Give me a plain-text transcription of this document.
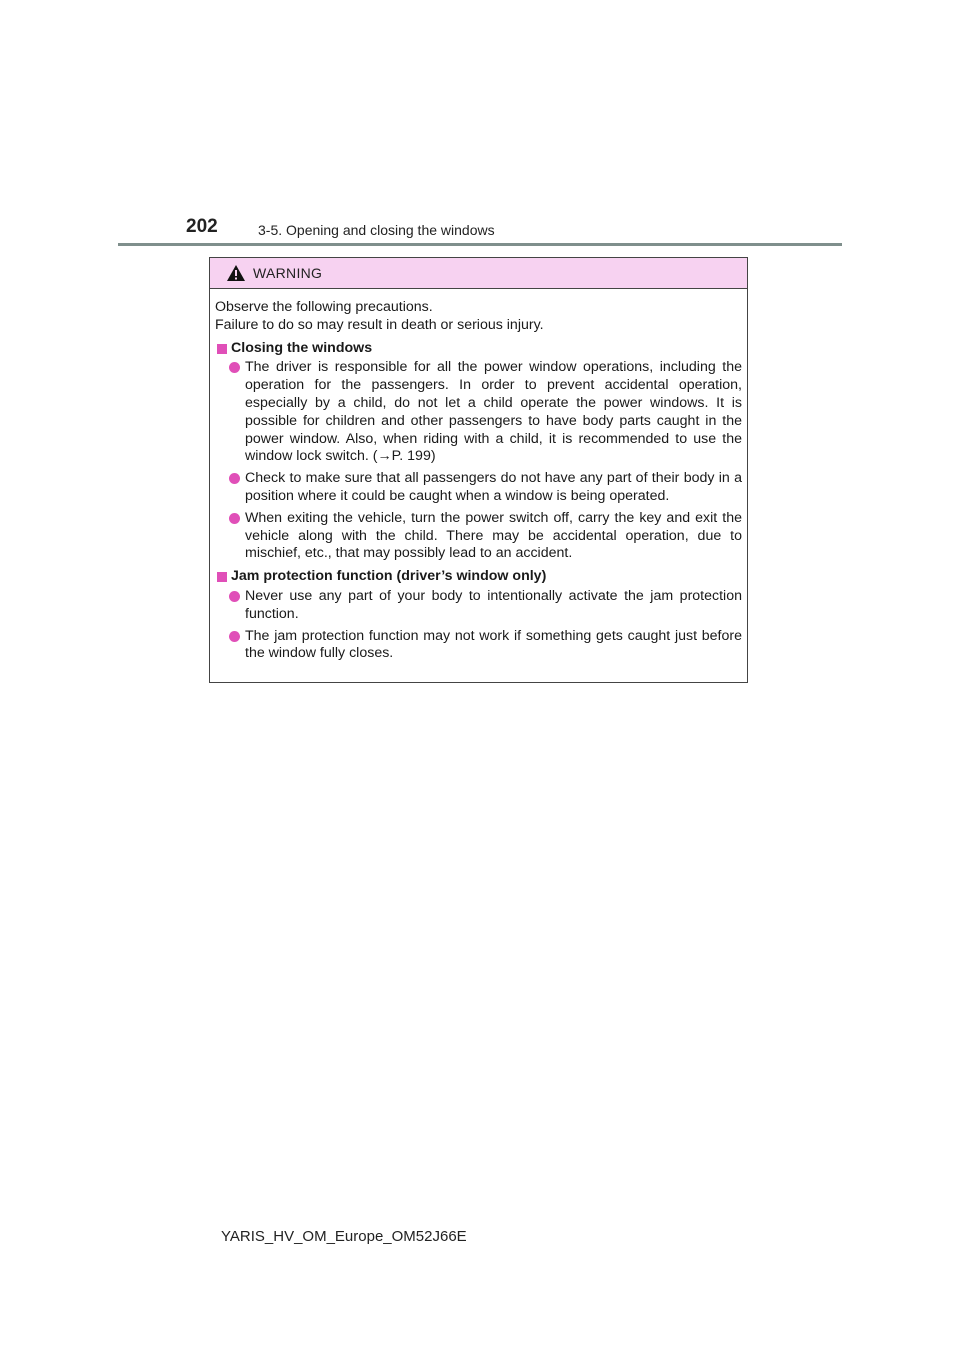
202	3-5. Opening and closing the windows
WARNING

Observe the following precautions.

Failure to do so may result in death or serious injury.

Closing the windows
The driver is responsible for all the power window operations, including the operation for the passengers. In order to prevent accidental operation, especially by a child, do not let a child operate the power windows. It is possible for children and other passengers to have body parts caught in the power window. Also, when riding with a child, it is recommended to use the window lock switch. (→P. 199)
Check to make sure that all passengers do not have any part of their body in a position where it could be caught when a window is being operated.
When exiting the vehicle, turn the power switch off, carry the key and exit the vehicle along with the child. There may be accidental operation, due to mischief, etc., that may possibly lead to an accident.
Jam protection function (driver’s window only)
Never use any part of your body to intentionally activate the jam protection function.
The jam protection function may not work if something gets caught just before the window fully closes.
YARIS_HV_OM_Europe_OM52J66E
